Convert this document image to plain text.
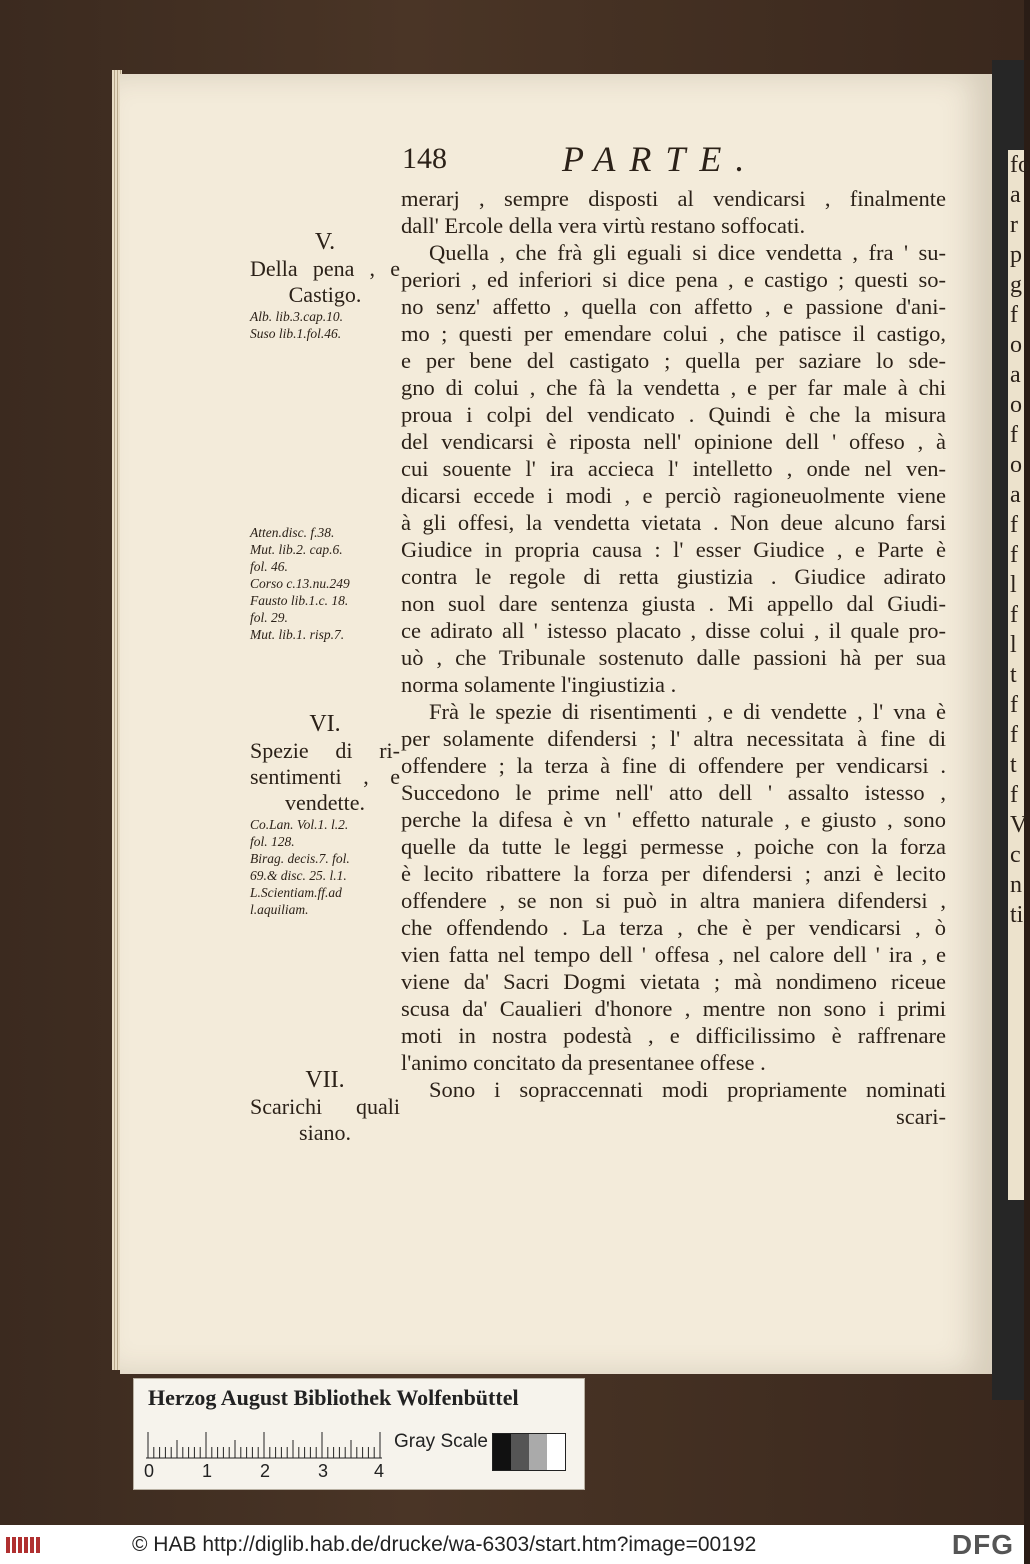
fo
a
r
p
g
f
o
a
o
f
o
a
f
f
l
f
l
t
f
f
t
f
V
c
n
ti
148	PARTE.
merarj , sempre disposti al vendicarsi , finalmente
dall' Ercole della vera virtù restano soffocati.
Quella , che frà gli eguali si dice vendetta , fra ' su-
periori , ed inferiori si dice pena , e castigo ; questi so-
no senz' affetto , quella con affetto , e passione d'ani-
mo ; questi per emendare colui , che patisce il castigo,
e per bene del castigato ; quella per saziare lo sde-
gno di colui , che fà la vendetta , e per far male à chi
proua i colpi del vendicato . Quindi è che la misura
del vendicarsi è riposta nell' opinione dell ' offeso , à
cui souente l' ira accieca l' intelletto , onde nel ven-
dicarsi eccede i modi , e perciò ragioneuolmente viene
à gli offesi, la vendetta vietata . Non deue alcuno farsi
Giudice in propria causa : l' esser Giudice , e Parte è
contra le regole di retta giustizia . Giudice adirato
non suol dare sentenza giusta . Mi appello dal Giudi-
ce adirato all ' istesso placato , disse colui , il quale pro-
uò , che Tribunale sostenuto dalle passioni hà per sua
norma solamente l'ingiustizia .
Frà le spezie di risentimenti , e di vendette , l' vna è
per solamente difendersi ; l' altra necessitata à fine di
offendere ; la terza à fine di offendere per vendicarsi .
Succedono le prime nell' atto dell ' assalto istesso ,
perche la difesa è vn ' effetto naturale , e giusto , sono
quelle da tutte le leggi permesse , poiche con la forza
è lecito ribattere la forza per difendersi ; anzi è lecito
offendere , se non si può in altra maniera difendersi ,
che offendendo . La terza , che è per vendicarsi , ò
vien fatta nel tempo dell ' offesa , nel calore dell ' ira , e
viene da' Sacri Dogmi vietata ; mà nondimeno riceue
scusa da' Caualieri d'honore , mentre non sono i primi
moti in nostra podestà , e difficilissimo è raffrenare
l'animo concitato da presentanee offese .
Sono i sopraccennati modi propriamente nominati
scari-
V.
Della pena , e
Castigo.
Alb. lib.3.cap.10.
Suso lib.1.fol.46.
Atten.disc. f.38.
Mut. lib.2. cap.6.
fol. 46.
Corso c.13.nu.249
Fausto lib.1.c. 18.
fol. 29.
Mut. lib.1. risp.7.
VI.
Spezie di ri-
sentimenti , e
vendette.
Co.Lan. Vol.1. l.2.
fol. 128.
Birag. decis.7. fol.
69.& disc. 25. l.1.
L.Scientiam.ff.ad
l.aquiliam.
VII.
Scarichi quali
siano.
Herzog August Bibliothek Wolfenbüttel
0	1	2	3	4
Gray Scale
© HAB http://diglib.hab.de/drucke/wa-6303/start.htm?image=00192	DFG
